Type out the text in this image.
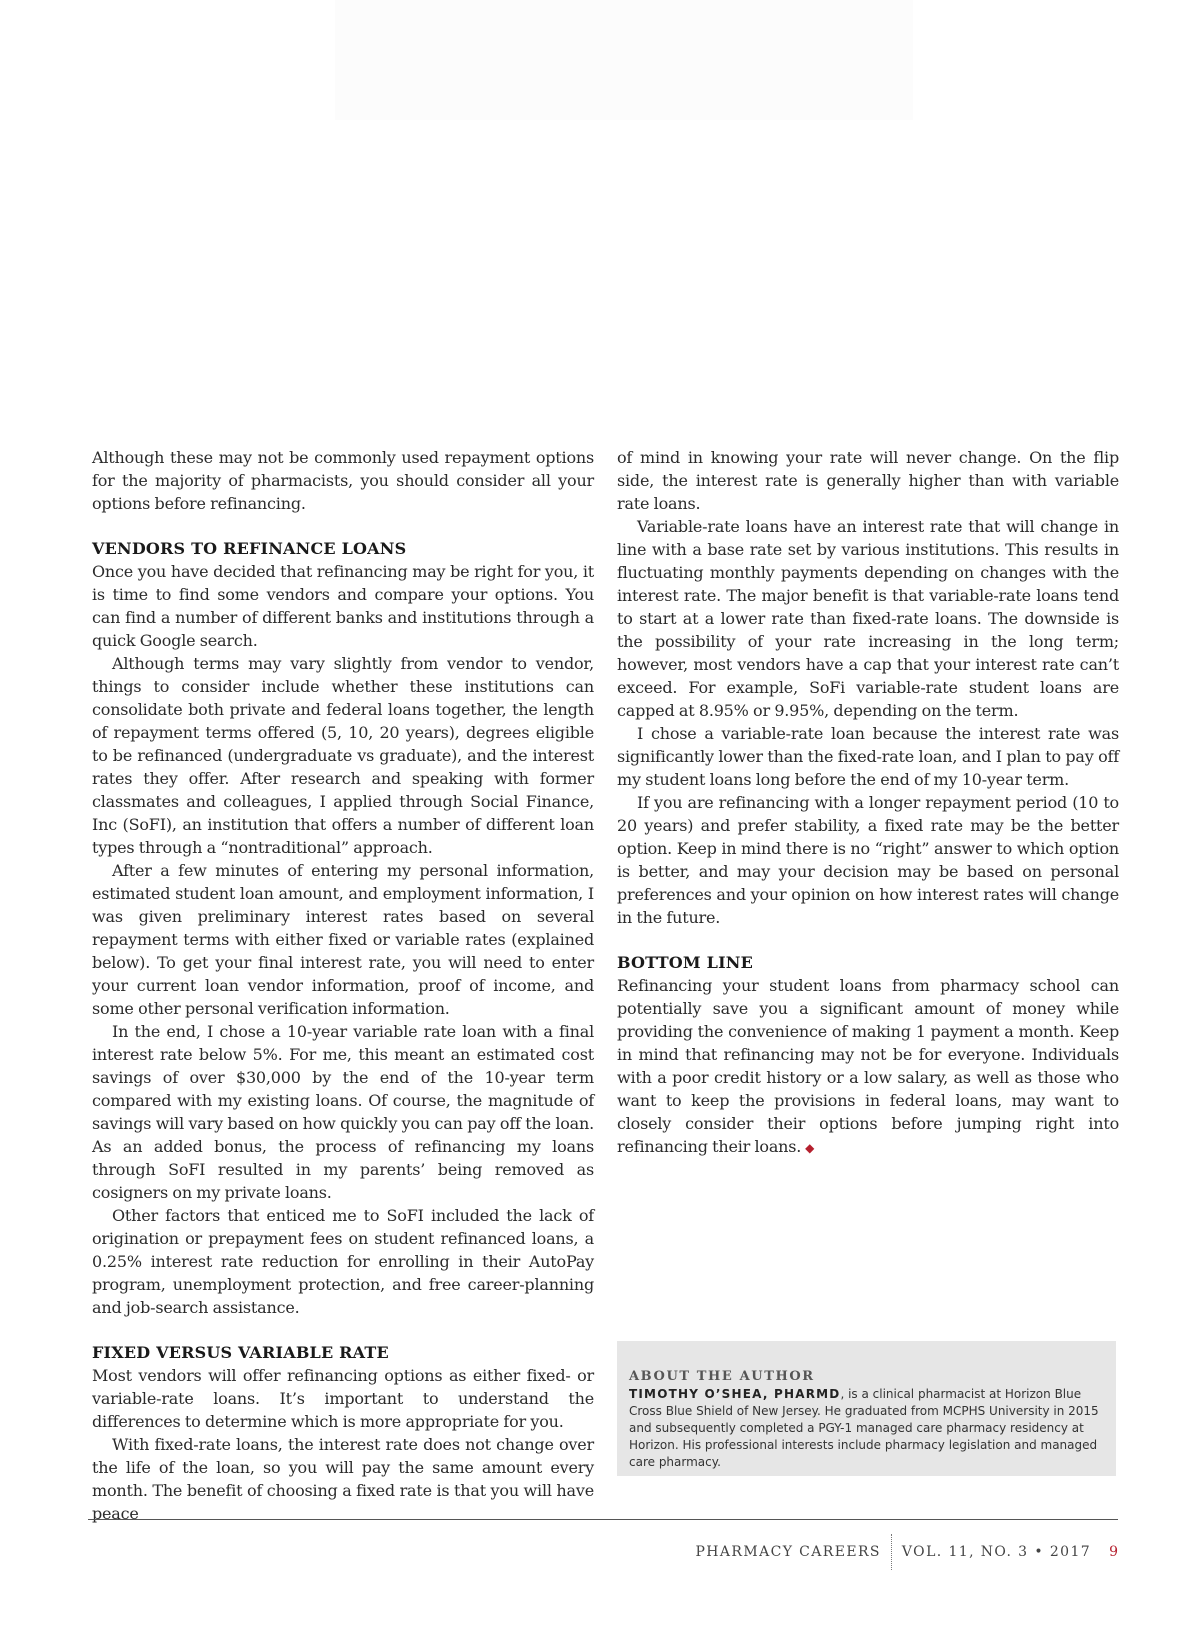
Although these may not be commonly used repayment options for the majority of pharmacists, you should consider all your options before refinancing.

VENDORS TO REFINANCE LOANS

Once you have decided that refinancing may be right for you, it is time to find some vendors and compare your options. You can find a number of different banks and institutions through a quick Google search.

Although terms may vary slightly from vendor to vendor, things to consider include whether these institutions can consolidate both private and federal loans together, the length of repayment terms offered (5, 10, 20 years), degrees eligible to be refinanced (undergraduate vs graduate), and the interest rates they offer. After research and speaking with former classmates and colleagues, I applied through Social Finance, Inc (SoFI), an institution that offers a number of different loan types through a “nontraditional” approach.

After a few minutes of entering my personal information, estimated student loan amount, and employment information, I was given preliminary interest rates based on several repayment terms with either fixed or variable rates (explained below). To get your final interest rate, you will need to enter your current loan vendor information, proof of income, and some other personal verification information.

In the end, I chose a 10-year variable rate loan with a final interest rate below 5%. For me, this meant an estimated cost savings of over $30,000 by the end of the 10-year term compared with my existing loans. Of course, the magnitude of savings will vary based on how quickly you can pay off the loan. As an added bonus, the process of refinancing my loans through SoFI resulted in my parents’ being removed as cosigners on my private loans.

Other factors that enticed me to SoFI included the lack of origination or prepayment fees on student refinanced loans, a 0.25% interest rate reduction for enrolling in their AutoPay program, unemployment protection, and free career-planning and job-search assistance.

FIXED VERSUS VARIABLE RATE

Most vendors will offer refinancing options as either fixed- or variable-rate loans. It’s important to understand the differences to determine which is more appropriate for you.

With fixed-rate loans, the interest rate does not change over the life of the loan, so you will pay the same amount every month. The benefit of choosing a fixed rate is that you will have peace

of mind in knowing your rate will never change. On the flip side, the interest rate is generally higher than with variable rate loans.

Variable-rate loans have an interest rate that will change in line with a base rate set by various institutions. This results in fluctuating monthly payments depending on changes with the interest rate. The major benefit is that variable-rate loans tend to start at a lower rate than fixed-rate loans. The downside is the possibility of your rate increasing in the long term; however, most vendors have a cap that your interest rate can’t exceed. For example, SoFi variable-rate student loans are capped at 8.95% or 9.95%, depending on the term.

I chose a variable-rate loan because the interest rate was significantly lower than the fixed-rate loan, and I plan to pay off my student loans long before the end of my 10-year term.

If you are refinancing with a longer repayment period (10 to 20 years) and prefer stability, a fixed rate may be the better option. Keep in mind there is no “right” answer to which option is better, and may your decision may be based on personal preferences and your opinion on how interest rates will change in the future.

BOTTOM LINE

Refinancing your student loans from pharmacy school can potentially save you a significant amount of money while providing the convenience of making 1 payment a month. Keep in mind that refinancing may not be for everyone. Individuals with a poor credit history or a low salary, as well as those who want to keep the provisions in federal loans, may want to closely consider their options before jumping right into refinancing their loans. ◆

ABOUT THE AUTHOR
TIMOTHY O’SHEA, PHARMD, is a clinical pharmacist at Horizon Blue Cross Blue Shield of New Jersey. He graduated from MCPHS University in 2015 and subsequently completed a PGY-1 managed care pharmacy residency at Horizon. His professional interests include pharmacy legislation and managed care pharmacy.
PHARMACY CAREERS VOL. 11, NO. 3 • 2017 9
